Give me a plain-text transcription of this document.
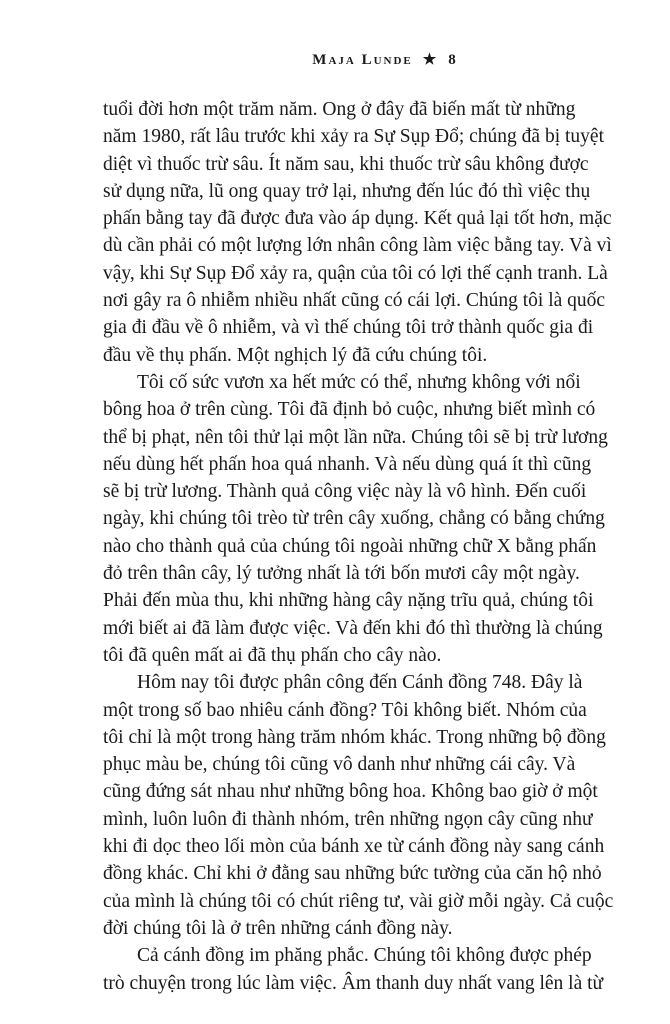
Maja Lunde ★ 8
tuổi đời hơn một trăm năm. Ong ở đây đã biến mất từ những
năm 1980, rất lâu trước khi xảy ra Sự Sụp Đổ; chúng đã bị tuyệt
diệt vì thuốc trừ sâu. Ít năm sau, khi thuốc trừ sâu không được
sử dụng nữa, lũ ong quay trở lại, nhưng đến lúc đó thì việc thụ
phấn bằng tay đã được đưa vào áp dụng. Kết quả lại tốt hơn, mặc
dù cần phải có một lượng lớn nhân công làm việc bằng tay. Và vì
vậy, khi Sự Sụp Đổ xảy ra, quận của tôi có lợi thế cạnh tranh. Là
nơi gây ra ô nhiễm nhiều nhất cũng có cái lợi. Chúng tôi là quốc
gia đi đầu về ô nhiễm, và vì thế chúng tôi trở thành quốc gia đi
đầu về thụ phấn. Một nghịch lý đã cứu chúng tôi.
Tôi cố sức vươn xa hết mức có thể, nhưng không với nổi
bông hoa ở trên cùng. Tôi đã định bỏ cuộc, nhưng biết mình có
thể bị phạt, nên tôi thử lại một lần nữa. Chúng tôi sẽ bị trừ lương
nếu dùng hết phấn hoa quá nhanh. Và nếu dùng quá ít thì cũng
sẽ bị trừ lương. Thành quả công việc này là vô hình. Đến cuối
ngày, khi chúng tôi trèo từ trên cây xuống, chẳng có bằng chứng
nào cho thành quả của chúng tôi ngoài những chữ X bằng phấn
đỏ trên thân cây, lý tưởng nhất là tới bốn mươi cây một ngày.
Phải đến mùa thu, khi những hàng cây nặng trĩu quả, chúng tôi
mới biết ai đã làm được việc. Và đến khi đó thì thường là chúng
tôi đã quên mất ai đã thụ phấn cho cây nào.
Hôm nay tôi được phân công đến Cánh đồng 748. Đây là
một trong số bao nhiêu cánh đồng? Tôi không biết. Nhóm của
tôi chỉ là một trong hàng trăm nhóm khác. Trong những bộ đồng
phục màu be, chúng tôi cũng vô danh như những cái cây. Và
cũng đứng sát nhau như những bông hoa. Không bao giờ ở một
mình, luôn luôn đi thành nhóm, trên những ngọn cây cũng như
khi đi dọc theo lối mòn của bánh xe từ cánh đồng này sang cánh
đồng khác. Chỉ khi ở đằng sau những bức tường của căn hộ nhỏ
của mình là chúng tôi có chút riêng tư, vài giờ mỗi ngày. Cả cuộc
đời chúng tôi là ở trên những cánh đồng này.
Cả cánh đồng im phăng phắc. Chúng tôi không được phép
trò chuyện trong lúc làm việc. Âm thanh duy nhất vang lên là từ
